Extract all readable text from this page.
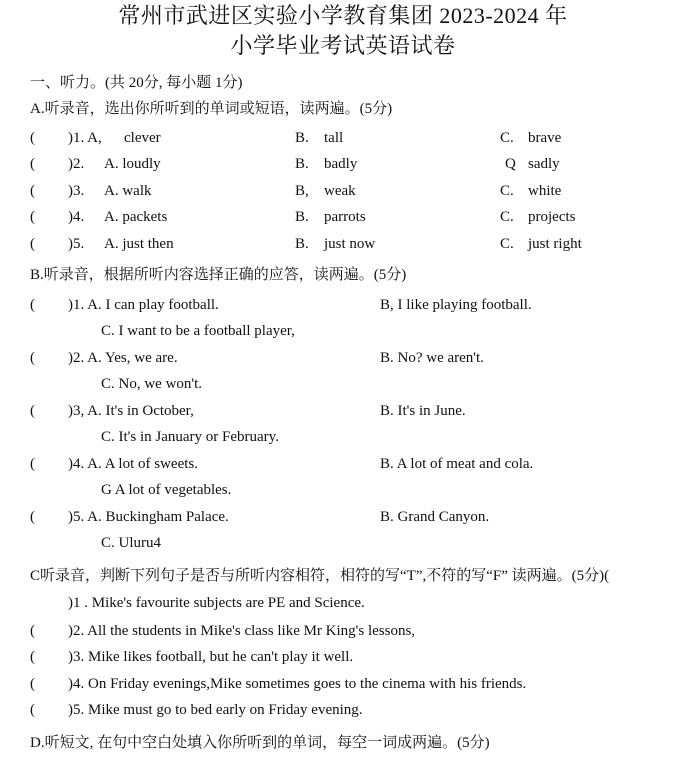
常州市武进区实验小学教育集团 2023-2024 年
小学毕业考试英语试卷
一、听力。(共 20分, 每小题 1分)
A.听录音，选出你所听到的单词或短语，读两遍。(5分)
( )1. A, clever	B. tall	C. brave
( )2. A. loudly	B. badly	Q sadly
( )3. A. walk	B, weak	C. white
( )4. A. packets	B. parrots	C. projects
( )5. A. just then	B. just now	C. just right
B.听录音，根据所听内容选择正确的应答，读两遍。(5分)
( )1. A. I can play football.	B, I like playing football.
C. I want to be a football player,
( )2. A. Yes, we are.	B. No? we aren't.
C. No, we won't.
( )3, A. It's in October,	B. It's in June.
C. It's in January or February.
( )4. A. A lot of sweets.	B. A lot of meat and cola.
G A lot of vegetables.
( )5. A. Buckingham Palace.	B. Grand Canyon.
C. Uluru4
C听录音，判断下列句子是否与所听内容相符，相符的写“T”,不符的写“F” 读两遍。(5分)(
)1 . Mike's favourite subjects are PE and Science.
( )2. All the students in Mike's class like Mr King's lessons,
( )3. Mike likes football, but he can't play it well.
( )4. On Friday evenings,Mike sometimes goes to the cinema with his friends.
( )5. Mike must go to bed early on Friday evening.
D.听短文, 在句中空白处填入你所听到的单词，每空一词成两遍。(5分)
